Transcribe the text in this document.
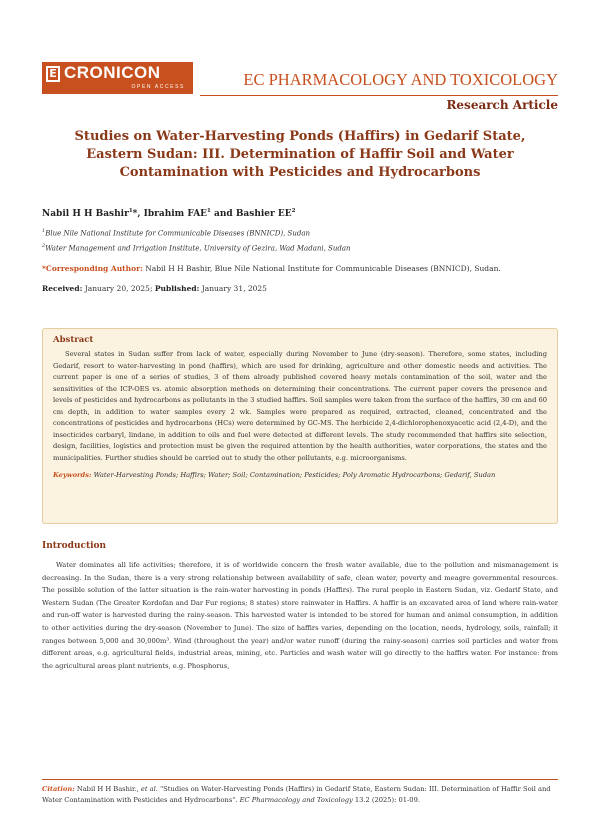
E CRONICON
OPEN ACCESS	EC PHARMACOLOGY AND TOXICOLOGY
Research Article
Studies on Water-Harvesting Ponds (Haffirs) in Gedarif State, Eastern Sudan: III. Determination of Haffir Soil and Water Contamination with Pesticides and Hydrocarbons
Nabil H H Bashir$^1$*, Ibrahim FAE$^1$ and Bashier $EE^2$
$^1$Blue Nile National Institute for Communicable Diseases (BNNICD), Sudan
$^2$Water Management and Irrigation Institute, University of Gezira, Wad Madani, Sudan
*Corresponding Author: Nabil H H Bashir, Blue Nile National Institute for Communicable Diseases (BNNICD), Sudan.
Received: January 20, 2025; Published: January 31, 2025
Abstract

Several states in Sudan suffer from lack of water, especially during November to June (dry-season). Therefore, some states, including Gedarif, resort to water-harvesting in pond (haffirs), which are used for drinking, agriculture and other domestic needs and activities. The current paper is one of a series of studies, 3 of them already published covered heavy metals contamination of the soil, water and the sensitivities of the ICP-OES vs. atomic absorption methods on determining their concentrations. The current paper covers the presence and levels of pesticides and hydrocarbons as pollutants in the 3 studied haffirs. Soil samples were taken from the surface of the haffirs, 30 cm and 60 cm depth, in addition to water samples every 2 wk. Samples were prepared as required, extracted, cleaned, concentrated and the concentrations of pesticides and hydrocarbons (HCs) were determined by GC-MS. The herbicide 2,4-dichlorophenoxyacetic acid (2,4-D), and the insecticides carbaryl, lindane, in addition to oils and fuel were detected at different levels. The study recommended that haffirs site selection, design, facilities, logistics and protection must be given the required attention by the health authorities, water corporations, the states and the municipalities. Further studies should be carried out to study the other pollutants, e.g. microorganisms.

Keywords: Water-Harvesting Ponds; Haffirs; Water; Soil; Contamination; Pesticides; Poly Aromatic Hydrocarbons; Gedarif, Sudan
Introduction

Water dominates all life activities; therefore, it is of worldwide concern the fresh water available, due to the pollution and mismanagement is decreasing. In the Sudan, there is a very strong relationship between availability of safe, clean water, poverty and meagre governmental resources. The possible solution of the latter situation is the rain-water harvesting in ponds (Haffirs). The rural people in Eastern Sudan, viz. Gedarif State, and Western Sudan (The Greater Kordofan and Dar Fur regions; 8 states) store rainwater in Haffirs. A haffir is an excavated area of land where rain-water and run-off water is harvested during the rainy-season. This harvested water is intended to be stored for human and animal consumption, in addition to other activities during the dry-season (November to June). The size of haffirs varies, depending on the location, needs, hydrology, soils, rainfall; it ranges between 5,000 and 30,000m³. Wind (throughout the year) and/or water runoff (during the rainy-season) carries soil particles and water from different areas, e.g. agricultural fields, industrial areas, mining, etc. Particles and wash water will go directly to the haffirs water. For instance: from the agricultural areas plant nutrients, e.g. Phosphorus,

Citation: Nabil H H Bashir., et al. "Studies on Water-Harvesting Ponds (Haffirs) in Gedarif State, Eastern Sudan: III. Determination of Haffir Soil and Water Contamination with Pesticides and Hydrocarbons". EC Pharmacology and Toxicology 13.2 (2025): 01-09.
